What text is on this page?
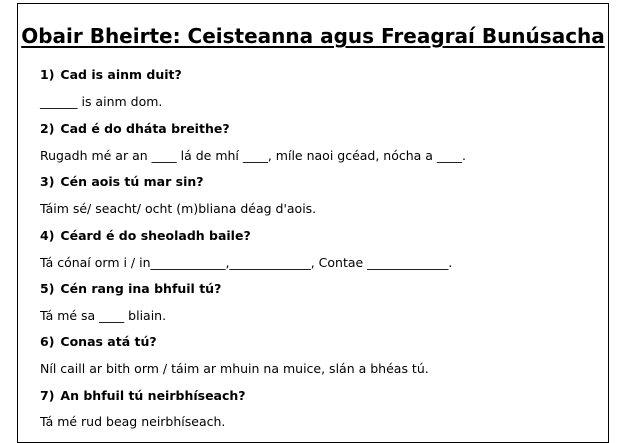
Obair Bheirte: Ceisteanna agus Freagraí Bunúsacha
1) Cad is ainm duit?
______ is ainm dom.
2) Cad é do dháta breithe?
Rugadh mé ar an ____ lá de mhí ____, míle naoi gcéad, nócha a ____.
3) Cén aois tú mar sin?
Táim sé/ seacht/ ocht (m)bliana déag d'aois.
4) Céard é do sheoladh baile?
Tá cónaí orm i / in____________,_____________, Contae _____________.
5) Cén rang ina bhfuil tú?
Tá mé sa ____ bliain.
6) Conas atá tú?
Níl caill ar bith orm / táim ar mhuin na muice, slán a bhéas tú.
7) An bhfuil tú neirbhíseach?
Tá mé rud beag neirbhíseach.
